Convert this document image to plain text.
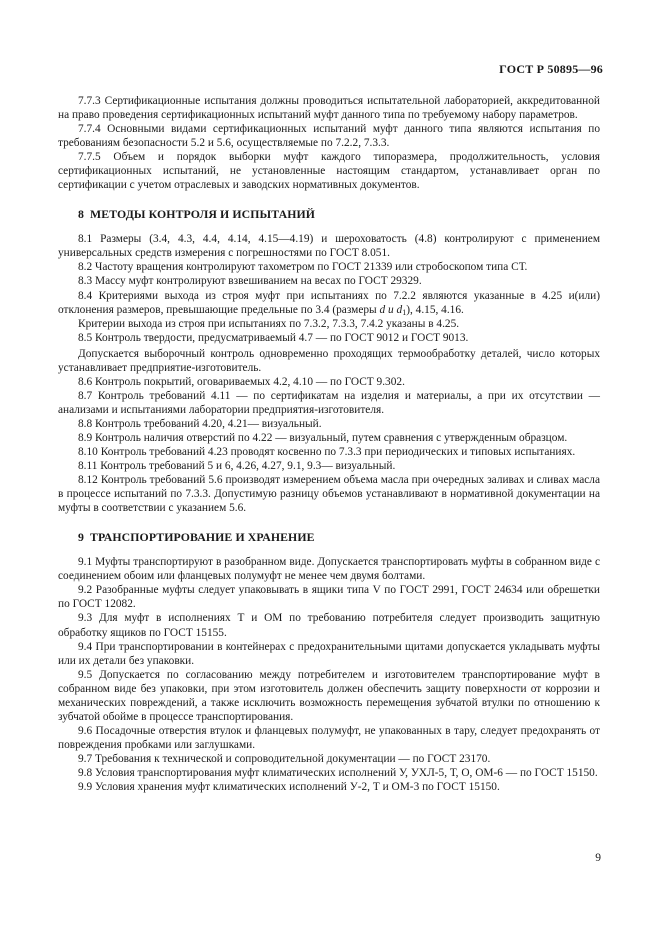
ГОСТ Р 50895—96

7.7.3 Сертификационные испытания должны проводиться испытательной лабораторией, аккредитованной на право проведения сертификационных испытаний муфт данного типа по требуемому набору параметров.

7.7.4 Основными видами сертификационных испытаний муфт данного типа являются испытания по требованиям безопасности 5.2 и 5.6, осуществляемые по 7.2.2, 7.3.3.

7.7.5 Объем и порядок выборки муфт каждого типоразмера, продолжительность, условия сертификационных испытаний, не установленные настоящим стандартом, устанавливает орган по сертификации с учетом отраслевых и заводских нормативных документов.

8 МЕТОДЫ КОНТРОЛЯ И ИСПЫТАНИЙ

8.1 Размеры (3.4, 4.3, 4.4, 4.14, 4.15—4.19) и шероховатость (4.8) контролируют с применением универсальных средств измерения с погрешностями по ГОСТ 8.051.

8.2 Частоту вращения контролируют тахометром по ГОСТ 21339 или стробоскопом типа СТ.

8.3 Массу муфт контролируют взвешиванием на весах по ГОСТ 29329.

8.4 Критериями выхода из строя муфт при испытаниях по 7.2.2 являются указанные в 4.25 и(или) отклонения размеров, превышающие предельные по 3.4 (размеры d и $d_1$), 4.15, 4.16.

Критерии выхода из строя при испытаниях по 7.3.2, 7.3.3, 7.4.2 указаны в 4.25.

8.5 Контроль твердости, предусматриваемый 4.7 — по ГОСТ 9012 и ГОСТ 9013.

Допускается выборочный контроль одновременно проходящих термообработку деталей, число которых устанавливает предприятие-изготовитель.

8.6 Контроль покрытий, оговариваемых 4.2, 4.10 — по ГОСТ 9.302.

8.7 Контроль требований 4.11 — по сертификатам на изделия и материалы, а при их отсутствии — анализами и испытаниями лаборатории предприятия-изготовителя.

8.8 Контроль требований 4.20, 4.21— визуальный.

8.9 Контроль наличия отверстий по 4.22 — визуальный, путем сравнения с утвержденным образцом.

8.10 Контроль требований 4.23 проводят косвенно по 7.3.3 при периодических и типовых испытаниях.

8.11 Контроль требований 5 и 6, 4.26, 4.27, 9.1, 9.3— визуальный.

8.12 Контроль требований 5.6 производят измерением объема масла при очередных заливах и сливах масла в процессе испытаний по 7.3.3. Допустимую разницу объемов устанавливают в нормативной документации на муфты в соответствии с указанием 5.6.

9 ТРАНСПОРТИРОВАНИЕ И ХРАНЕНИЕ

9.1 Муфты транспортируют в разобранном виде. Допускается транспортировать муфты в собранном виде с соединением обоим или фланцевых полумуфт не менее чем двумя болтами.

9.2 Разобранные муфты следует упаковывать в ящики типа V по ГОСТ 2991, ГОСТ 24634 или обрешетки по ГОСТ 12082.

9.3 Для муфт в исполнениях Т и ОМ по требованию потребителя следует производить защитную обработку ящиков по ГОСТ 15155.

9.4 При транспортировании в контейнерах с предохранительными щитами допускается укладывать муфты или их детали без упаковки.

9.5 Допускается по согласованию между потребителем и изготовителем транспортирование муфт в собранном виде без упаковки, при этом изготовитель должен обеспечить защиту поверхности от коррозии и механических повреждений, а также исключить возможность перемещения зубчатой втулки по отношению к зубчатой обойме в процессе транспортирования.

9.6 Посадочные отверстия втулок и фланцевых полумуфт, не упакованных в тару, следует предохранять от повреждения пробками или заглушками.

9.7 Требования к технической и сопроводительной документации — по ГОСТ 23170.

9.8 Условия транспортирования муфт климатических исполнений У, УХЛ-5, Т, О, ОМ-6 — по ГОСТ 15150.

9.9 Условия хранения муфт климатических исполнений У-2, Т и ОМ-3 по ГОСТ 15150.

9
